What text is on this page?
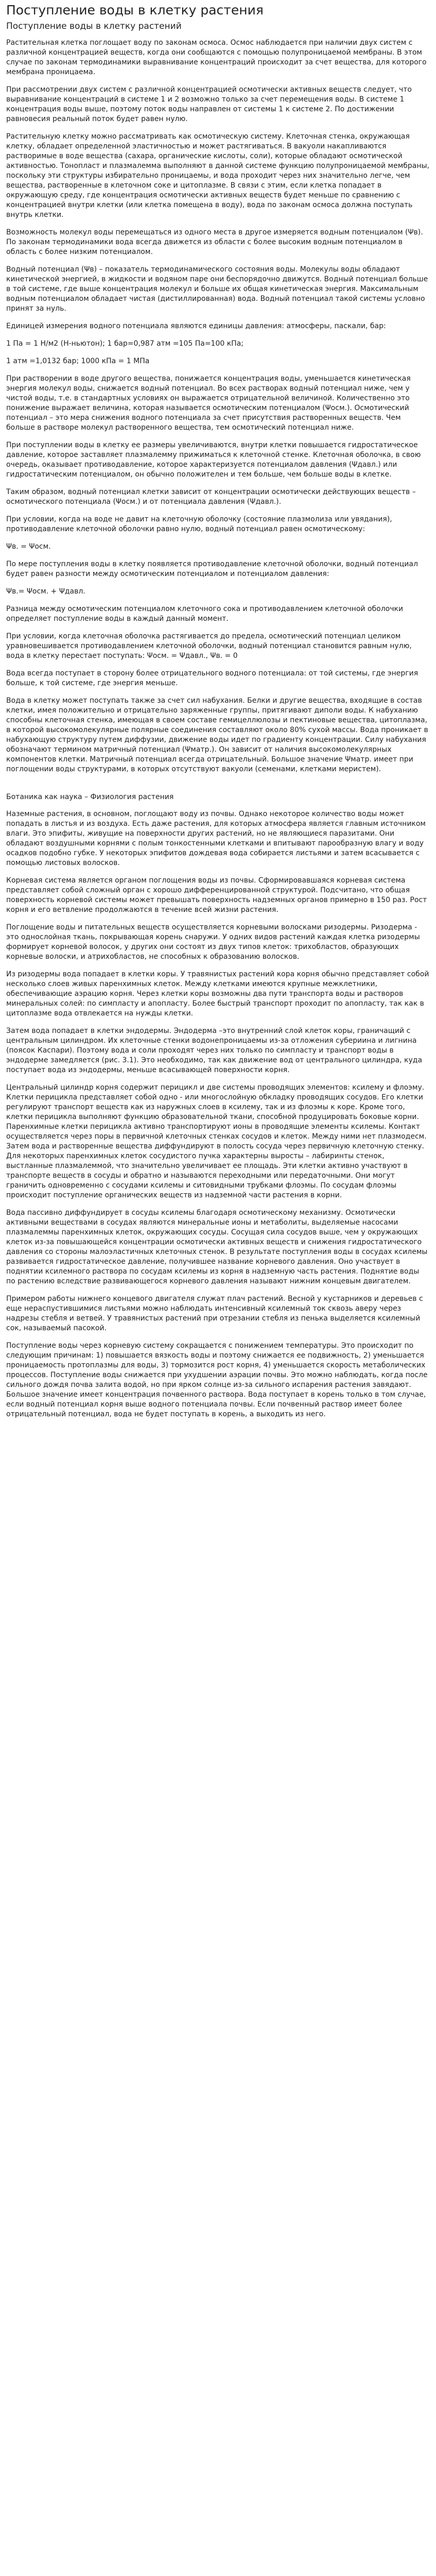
Поступление воды в клетку растения
Поступление воды в клетку растений

Растительная клетка поглощает воду по законам осмоса. Осмос наблюдается при наличии двух систем с различной концентрацией веществ, когда они сообщаются с помощью полупроницаемой мембраны. В этом случае по законам термодинамики выравнивание концентраций происходит за счет вещества, для которого мембрана проницаема.

При рассмотрении двух систем с различной концентрацией осмотически активных веществ следует, что выравнивание концентраций в системе 1 и 2 возможно только за счет перемещения воды. В системе 1 концентрация воды выше, поэтому поток воды направлен от системы 1 к системе 2. По достижении равновесия реальный поток будет равен нулю.

Растительную клетку можно рассматривать как осмотическую систему. Клеточная стенка, окружающая клетку, обладает определенной эластичностью и может растягиваться. В вакуоли накапливаются растворимые в воде вещества (сахара, органические кислоты, соли), которые обладают осмотической активностью. Тонопласт и плазмалемма выполняют в данной системе функцию полупроницаемой мембраны, поскольку эти структуры избирательно проницаемы, и вода проходит через них значительно легче, чем вещества, растворенные в клеточном соке и цитоплазме. В связи с этим, если клетка попадает в окружающую среду, где концентрация осмотически активных веществ будет меньше по сравнению с концентрацией внутри клетки (или клетка помещена в воду), вода по законам осмоса должна поступать внутрь клетки.

Возможность молекул воды перемещаться из одного места в другое измеряется водным потенциалом (Ψв). По законам термодинамики вода всегда движется из области с более высоким водным потенциалом в область с более низким потенциалом.

Водный потенциал (Ψв) – показатель термодинамического состояния воды. Молекулы воды обладают кинетической энергией, в жидкости и водяном паре они беспорядочно движутся. Водный потенциал больше в той системе, где выше концентрация молекул и больше их общая кинетическая энергия. Максимальным водным потенциалом обладает чистая (дистиллированная) вода. Водный потенциал такой системы условно принят за нуль.

Единицей измерения водного потенциала являются единицы давления: атмосферы, паскали, бар:

1 Па = 1 Н/м2 (Н-ньютон); 1 бар=0,987 атм =105 Па=100 кПа;

1 атм =1,0132 бар; 1000 кПа = 1 МПа

При растворении в воде другого вещества, понижается концентрация воды, уменьшается кинетическая энергия молекул воды, снижается водный потенциал. Во всех растворах водный потенциал ниже, чем у чистой воды, т.е. в стандартных условиях он выражается отрицательной величиной. Количественно это понижение выражает величина, которая называется осмотическим потенциалом (Ψосм.). Осмотический потенциал – это мера снижения водного потенциала за счет присутствия растворенных веществ. Чем больше в растворе молекул растворенного вещества, тем осмотический потенциал ниже.

При поступлении воды в клетку ее размеры увеличиваются, внутри клетки повышается гидростатическое давление, которое заставляет плазмалемму прижиматься к клеточной стенке. Клеточная оболочка, в свою очередь, оказывает противодавление, которое характеризуется потенциалом давления (Ψдавл.) или гидростатическим потенциалом, он обычно положителен и тем больше, чем больше воды в клетке.

Таким образом, водный потенциал клетки зависит от концентрации осмотически действующих веществ – осмотического потенциала (Ψосм.) и от потенциала давления (Ψдавл.).

При условии, когда на воде не давит на клеточную оболочку (состояние плазмолиза или увядания), противодавление клеточной оболочки равно нулю, водный потенциал равен осмотическому:

Ψв. = Ψосм.

По мере поступления воды в клетку появляется противодавление клеточной оболочки, водный потенциал будет равен разности между осмотическим потенциалом и потенциалом давления:

Ψв.= Ψосм. + Ψдавл.

Разница между осмотическим потенциалом клеточного сока и противодавлением клеточной оболочки определяет поступление воды в каждый данный момент.

При условии, когда клеточная оболочка растягивается до предела, осмотический потенциал целиком уравновешивается противодавлением клеточной оболочки, водный потенциал становится равным нулю, вода в клетку перестает поступать: Ψосм. = Ψдавл., Ψв. = 0

Вода всегда поступает в сторону более отрицательного водного потенциала: от той системы, где энергия больше, к той системе, где энергия меньше.

Вода в клетку может поступать также за счет сил набухания. Белки и другие вещества, входящие в состав клетки, имея положительно и отрицательно заряженные группы, притягивают диполи воды. К набуханию способны клеточная стенка, имеющая в своем составе гемицеллюлозы и пектиновые вещества, цитоплазма, в которой высокомолекулярные полярные соединения составляют около 80% сухой массы. Вода проникает в набухающую структуру путем диффузии, движение воды идет по градиенту концентрации. Силу набухания обозначают термином матричный потенциал (Ψматр.). Он зависит от наличия высокомолекулярных компонентов клетки. Матричный потенциал всегда отрицательный. Большое значение Ψматр. имеет при поглощении воды структурами, в которых отсутствуют вакуоли (семенами, клетками меристем).

Ботаника как наука – Физиология растения

Наземные растения, в основном, поглощают воду из почвы. Однако некоторое количество воды может попадать в листья и из воздуха. Есть даже растения, для которых атмосфера является главным источником влаги. Это эпифиты, живущие на поверхности других растений, но не являющиеся паразитами. Они обладают воздушными корнями с полым тонкостенными клетками и впитывают парообразную влагу и воду осадков подобно губке. У некоторых эпифитов дождевая вода собирается листьями и затем всасывается с помощью листовых волосков.

Корневая система является органом поглощения воды из почвы. Сформировавшаяся корневая система представляет собой сложный орган с хорошо дифференцированной структурой. Подсчитано, что общая поверхность корневой системы может превышать поверхность надземных органов примерно в 150 раз. Рост корня и его ветвление продолжаются в течение всей жизни растения.

Поглощение воды и питательных веществ осуществляется корневыми волосками ризодермы. Ризодерма - это однослойная ткань, покрывающая корень снаружи. У одних видов растений каждая клетка ризодермы формирует корневой волосок, у других они состоят из двух типов клеток: трихобластов, образующих корневые волоски, и атрихобластов, не способных к образованию волосков.

Из ризодермы вода попадает в клетки коры. У травянистых растений кора корня обычно представляет собой несколько слоев живых паренхимных клеток. Между клетками имеются крупные межклетники, обеспечивающие аэрацию корня. Через клетки коры возможны два пути транспорта воды и растворов минеральных солей: по симпласту и апопласту. Более быстрый транспорт проходит по апопласту, так как в цитоплазме вода отвлекается на нужды клетки.

Затем вода попадает в клетки эндодермы. Эндодерма –это внутренний слой клеток коры, граничащий с центральным цилиндром. Их клеточные стенки водонепроницаемы из-за отложения субериина и лигнина (поясок Каспари). Поэтому вода и соли проходят через них только по симпласту и транспорт воды в эндодерме замедляется (рис. 3.1). Это необходимо, так как движение вод от центрального цилиндра, куда поступает вода из эндодермы, меньше всасывающей поверхности корня.

Центральный цилиндр корня содержит перицикл и две системы проводящих элементов: ксилему и флоэму. Клетки перицикла представляет собой одно - или многослойную обкладку проводящих сосудов. Его клетки регулируют транспорт веществ как из наружных слоев в ксилему, так и из флоэмы к коре. Кроме того, клетки перицикла выполняют функцию образовательной ткани, способной продуцировать боковые корни. Паренхимные клетки перицикла активно транспортируют ионы в проводящие элементы ксилемы. Контакт осуществляется через поры в первичной клеточных стенках сосудов и клеток. Между ними нет плазмодесм. Затем вода и растворенные вещества диффундируют в полость сосуда через первичную клеточную стенку. Для некоторых паренхимных клеток сосудистого пучка характерны выросты – лабиринты стенок, выстланные плазмалеммой, что значительно увеличивает ее площадь. Эти клетки активно участвуют в транспорте веществ в сосуды и обратно и называются переходными или передаточными. Они могут граничить одновременно с сосудами ксилемы и ситовидными трубками флоэмы. По сосудам флоэмы происходит поступление органических веществ из надземной части растения в корни.

Вода пассивно диффундирует в сосуды ксилемы благодаря осмотическому механизму. Осмотически активными веществами в сосудах являются минеральные ионы и метаболиты, выделяемые насосами плазмалеммы паренхимных клеток, окружающих сосуды. Сосущая сила сосудов выше, чем у окружающих клеток из-за повышающейся концентрации осмотически активных веществ и снижения гидростатического давления со стороны малоэластичных клеточных стенок. В результате поступления воды в сосудах ксилемы развивается гидростатическое давление, получившее название корневого давления. Оно участвует в поднятии ксилемного раствора по сосудам ксилемы из корня в надземную часть растения. Поднятие воды по растению вследствие развивающегося корневого давления называют нижним концевым двигателем.

Примером работы нижнего концевого двигателя служат плач растений. Весной у кустарников и деревьев с еще нераспустившимися листьями можно наблюдать интенсивный ксилемный ток сквозь аверу через надрезы стебля и ветвей. У травянистых растений при отрезании стебля из пенька выделяется ксилемный сок, называемый пасокой.

Поступление воды через корневую систему сокращается с понижением температуры. Это происходит по следующим причинам: 1) повышается вязкость воды и поэтому снижается ее подвижность, 2) уменьшается проницаемость протоплазмы для воды, 3) тормозится рост корня, 4) уменьшается скорость метаболических процессов. Поступление воды снижается при ухудшении аэрации почвы. Это можно наблюдать, когда после сильного дождя почва залита водой, но при ярком солнце из-за сильного испарения растения завядают. Большое значение имеет концентрация почвенного раствора. Вода поступает в корень только в том случае, если водный потенциал корня выше водного потенциала почвы. Если почвенный раствор имеет более отрицательный потенциал, вода не будет поступать в корень, а выходить из него.
